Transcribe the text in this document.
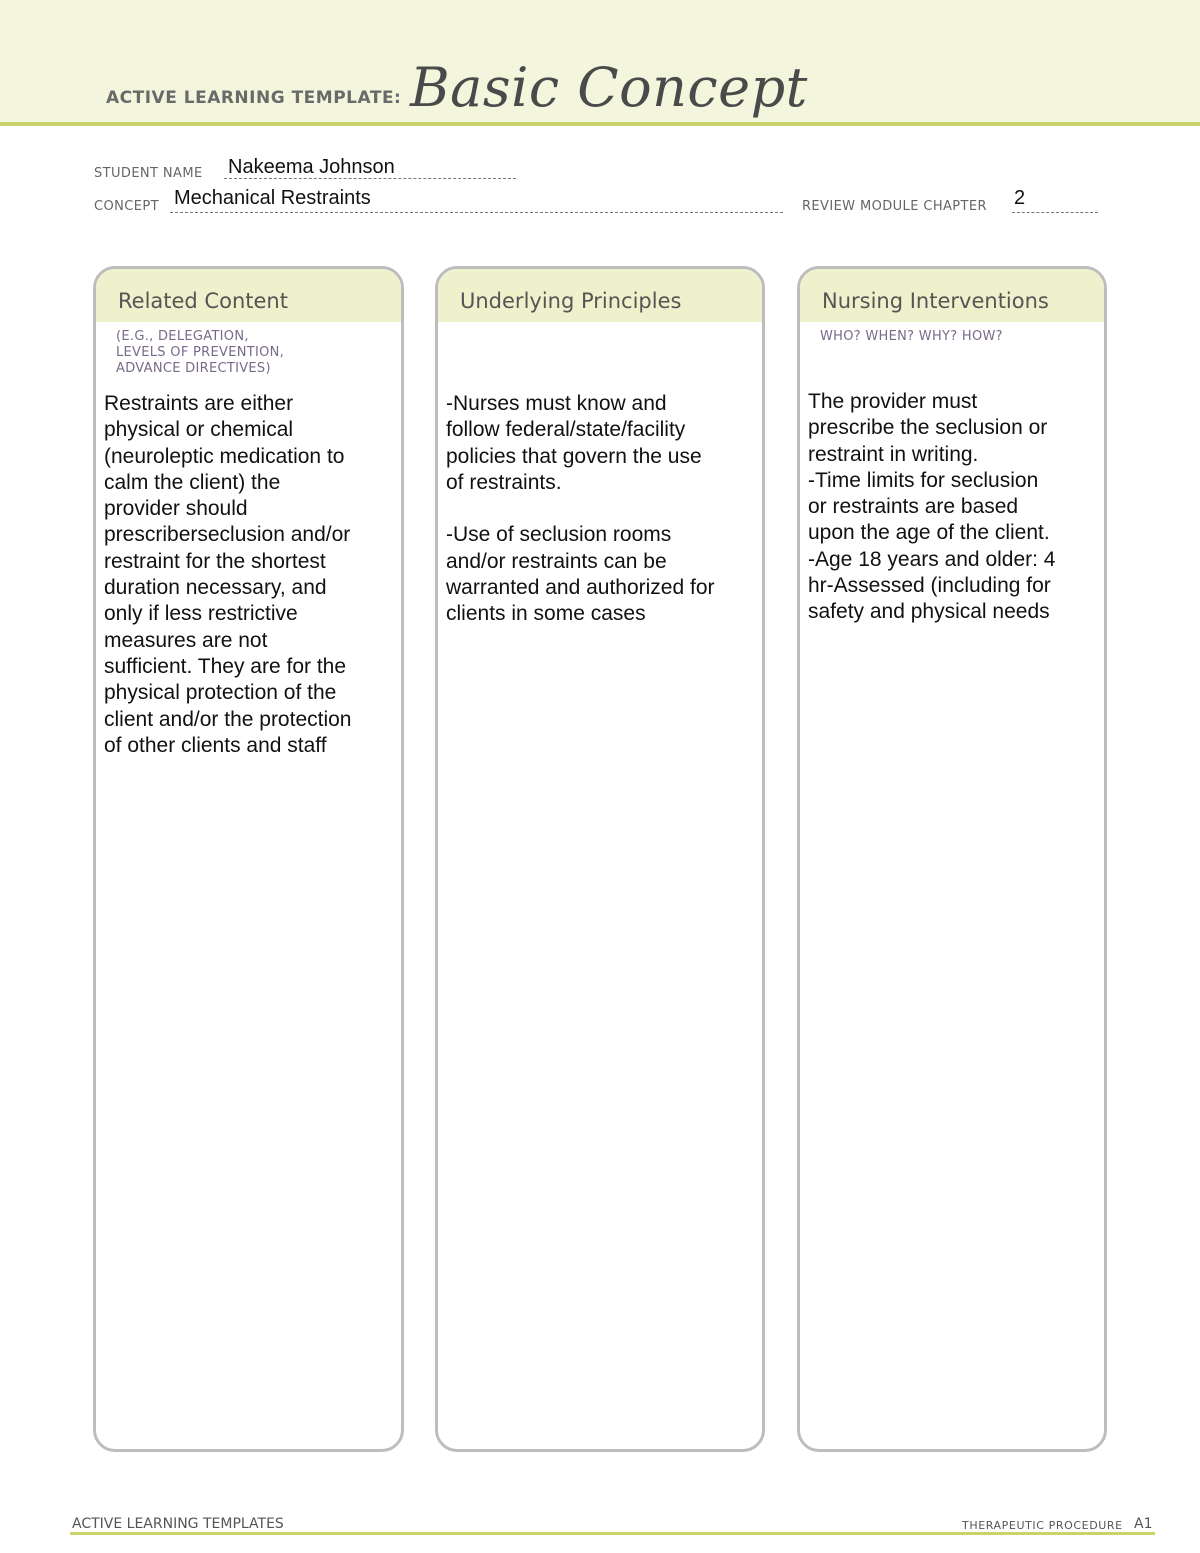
ACTIVE LEARNING TEMPLATE: Basic Concept
STUDENT NAME Nakeema Johnson
CONCEPT Mechanical Restraints	REVIEW MODULE CHAPTER 2
Related Content
(E.G., DELEGATION,
LEVELS OF PREVENTION,
ADVANCE DIRECTIVES)
Restraints are either
physical or chemical
(neuroleptic medication to
calm the client) the
provider should
prescriberseclusion and/or
restraint for the shortest
duration necessary, and
only if less restrictive
measures are not
sufficient. They are for the
physical protection of the
client and/or the protection
of other clients and staff
Underlying Principles
-Nurses must know and
follow federal/state/facility
policies that govern the use
of restraints.

-Use of seclusion rooms
and/or restraints can be
warranted and authorized for
clients in some cases
Nursing Interventions
WHO? WHEN? WHY? HOW?
The provider must
prescribe the seclusion or
restraint in writing.
-Time limits for seclusion
or restraints are based
upon the age of the client.
-Age 18 years and older: 4
hr-Assessed (including for
safety and physical needs
ACTIVE LEARNING TEMPLATES	THERAPEUTIC PROCEDURE A1
